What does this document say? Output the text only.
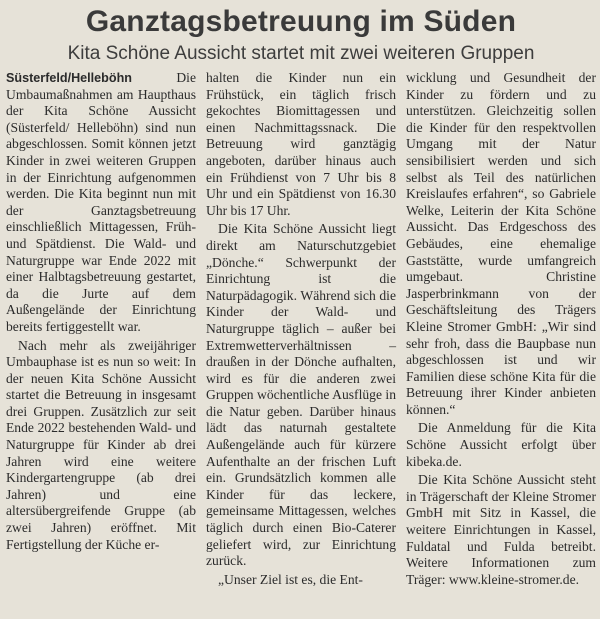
Ganztagsbetreuung im Süden
Kita Schöne Aussicht startet mit zwei weiteren Gruppen

Süsterfeld/Helleböhn	Die Umbaumaßnahmen am Haupthaus der Kita Schöne Aussicht (Süsterfeld/ Helleböhn) sind nun abgeschlossen. Somit können jetzt Kinder in zwei weiteren Gruppen in der Einrichtung aufgenommen werden. Die Kita beginnt nun mit der Ganztagsbetreuung einschließlich Mittagessen, Früh- und Spätdienst. Die Wald- und Naturgruppe war Ende 2022 mit einer Halbtagsbetreuung gestartet, da die Jurte auf dem Außengelände der Einrichtung bereits fertiggestellt war.

Nach mehr als zweijähriger Umbauphase ist es nun so weit: In der neuen Kita Schöne Aussicht startet die Betreuung in insgesamt drei Gruppen. Zusätzlich zur seit Ende 2022 bestehenden Wald- und Naturgruppe für Kinder ab drei Jahren wird eine weitere Kindergartengruppe (ab drei Jahren) und eine altersübergreifende Gruppe (ab zwei Jahren) eröffnet. Mit Fertigstellung der Küche er-

halten die Kinder nun ein Frühstück, ein täglich frisch gekochtes Biomittagessen und einen Nachmittagssnack. Die Betreuung wird ganztägig angeboten, darüber hinaus auch ein Frühdienst von 7 Uhr bis 8 Uhr und ein Spätdienst von 16.30 Uhr bis 17 Uhr.

Die Kita Schöne Aussicht liegt direkt am Naturschutzgebiet „Dönche.“ Schwerpunkt der Einrichtung ist die Naturpädagogik. Während sich die Kinder der Wald- und Naturgruppe täglich – außer bei Extremwetterverhältnissen – draußen in der Dönche aufhalten, wird es für die anderen zwei Gruppen wöchentliche Ausflüge in die Natur geben. Darüber hinaus lädt das naturnah gestaltete Außengelände auch für kürzere Aufenthalte an der frischen Luft ein. Grundsätzlich kommen alle Kinder für das leckere, gemeinsame Mittagessen, welches täglich durch einen Bio-Caterer geliefert wird, zur Einrichtung zurück.

„Unser Ziel ist es, die Ent-

wicklung und Gesundheit der Kinder zu fördern und zu unterstützen. Gleichzeitig sollen die Kinder für den respektvollen Umgang mit der Natur sensibilisiert werden und sich selbst als Teil des natürlichen Kreislaufes erfahren“, so Gabriele Welke, Leiterin der Kita Schöne Aussicht. Das Erdgeschoss des Gebäudes, eine ehemalige Gaststätte, wurde umfangreich umgebaut. Christine Jasperbrinkmann von der Geschäftsleitung des Trägers Kleine Stromer GmbH: „Wir sind sehr froh, dass die Baupbase nun abgeschlossen ist und wir Familien diese schöne Kita für die Betreuung ihrer Kinder anbieten können.“

Die Anmeldung für die Kita Schöne Aussicht erfolgt über kibeka.de.

Die Kita Schöne Aussicht steht in Trägerschaft der Kleine Stromer GmbH mit Sitz in Kassel, die weitere Einrichtungen in Kassel, Fuldatal und Fulda betreibt. Weitere Informationen zum Träger: www.kleine-stromer.de.
